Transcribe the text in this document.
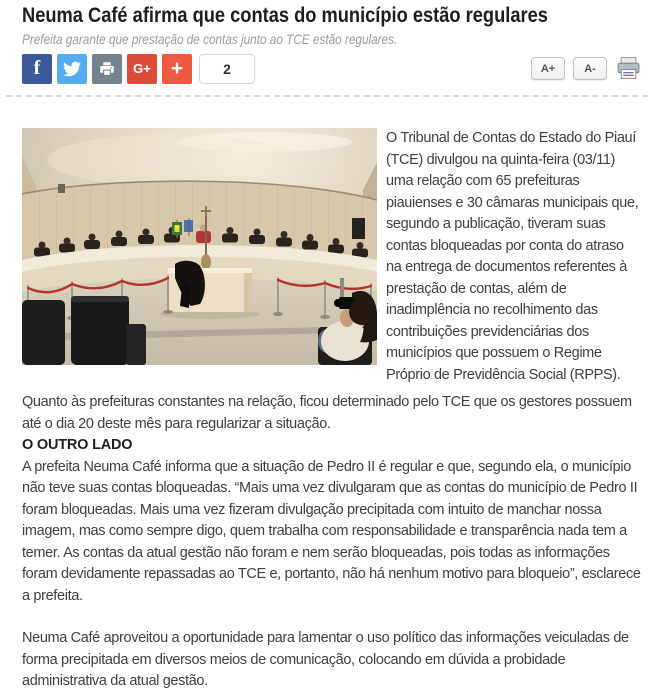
Neuma Café afirma que contas do município estão regulares
Prefeita garante que prestação de contas junto ao TCE estão regulares.
f	G+ +	2	A+	A-

O Tribunal de Contas do Estado do Piauí (TCE) divulgou na quinta-feira (03/11) uma relação com 65 prefeituras piauienses e 30 câmaras municipais que, segundo a publicação, tiveram suas contas bloqueadas por conta do atraso na entrega de documentos referentes à prestação de contas, além de inadimplência no recolhimento das contribuições previdenciárias dos municípios que possuem o Regime Próprio de Previdência Social (RPPS).

Quanto às prefeituras constantes na relação, ficou determinado pelo TCE que os gestores possuem até o dia 20 deste mês para regularizar a situação.

O OUTRO LADO

A prefeita Neuma Café informa que a situação de Pedro II é regular e que, segundo ela, o município não teve suas contas bloqueadas. “Mais uma vez divulgaram que as contas do município de Pedro II foram bloqueadas. Mais uma vez fizeram divulgação precipitada com intuito de manchar nossa imagem, mas como sempre digo, quem trabalha com responsabilidade e transparência nada tem a temer. As contas da atual gestão não foram e nem serão bloqueadas, pois todas as informações foram devidamente repassadas ao TCE e, portanto, não há nenhum motivo para bloqueio”, esclarece a prefeita.

Neuma Café aproveitou a oportunidade para lamentar o uso político das informações veiculadas de forma precipitada em diversos meios de comunicação, colocando em dúvida a probidade administrativa da atual gestão.
